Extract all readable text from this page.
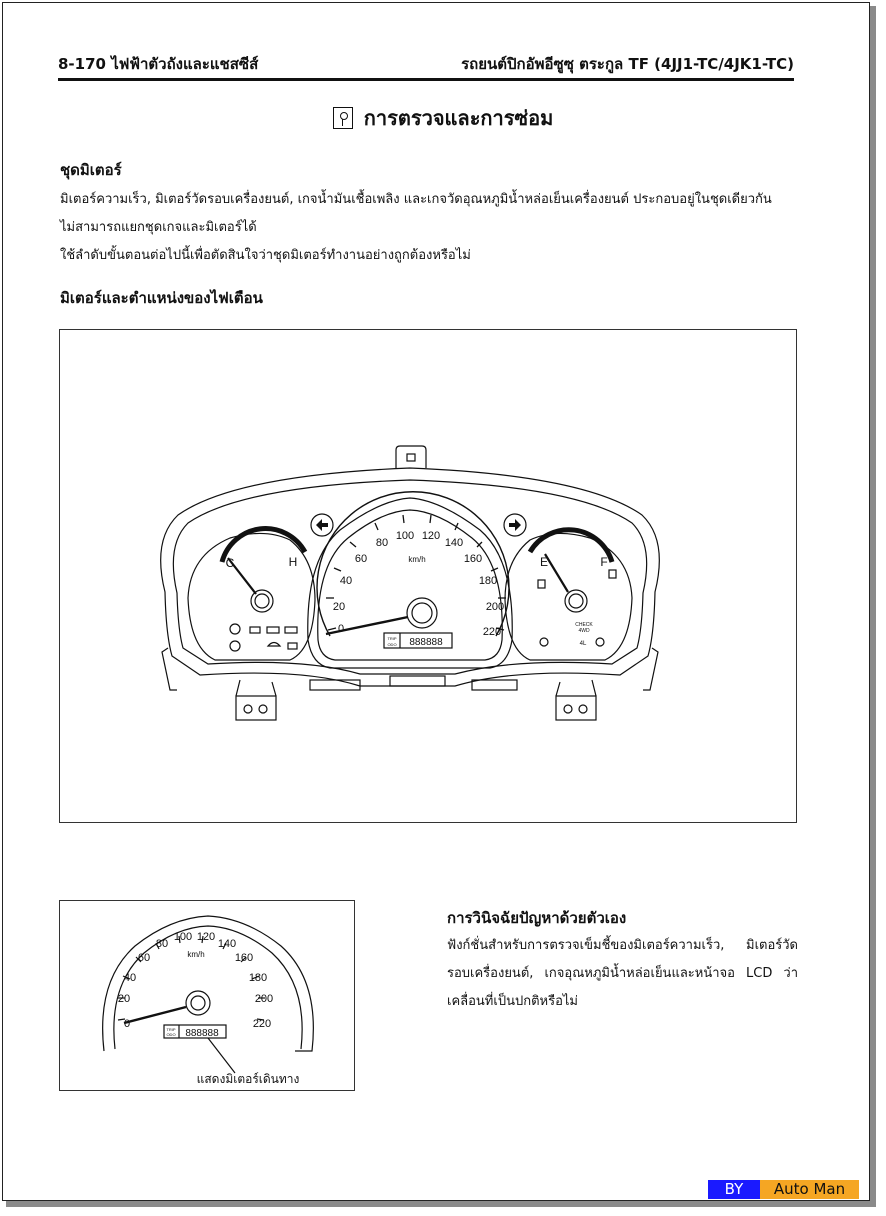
8-170 ไฟฟ้าตัวถังและแชสซีส์	รถยนต์ปิกอัพอีซูซุ ตระกูล TF (4JJ1-TC/4JK1-TC)
การตรวจและการซ่อม
ชุดมิเตอร์
มิเตอร์ความเร็ว, มิเตอร์วัดรอบเครื่องยนต์, เกจน้ำมันเชื้อเพลิง และเกจวัดอุณหภูมิน้ำหล่อเย็นเครื่องยนต์ ประกอบอยู่ในชุดเดียวกัน
ไม่สามารถแยกชุดเกจและมิเตอร์ได้
ใช้ลำดับขั้นตอนต่อไปนี้เพื่อตัดสินใจว่าชุดมิเตอร์ทำงานอย่างถูกต้องหรือไม่
มิเตอร์และตำแหน่งของไฟเตือน
0
20
40
60
80
100 120
140
160
180
200
220
km/h
H
C	F
E
CHECK
4WD
4L
TRIP
ODO 888888
0
20
40
60
80
100 120
140
160
180
200
220
km/h
TRIP
ODO 888888
แสดงมิเตอร์เดินทาง
การวินิจฉัยปัญหาด้วยตัวเอง
ฟังก์ชั่นสำหรับการตรวจเข็มชี้ของมิเตอร์ความเร็ว, มิเตอร์วัดรอบเครื่องยนต์, เกจอุณหภูมิน้ำหล่อเย็นและหน้าจอ LCD ว่าเคลื่อนที่เป็นปกติหรือไม่
BY	Auto Man
